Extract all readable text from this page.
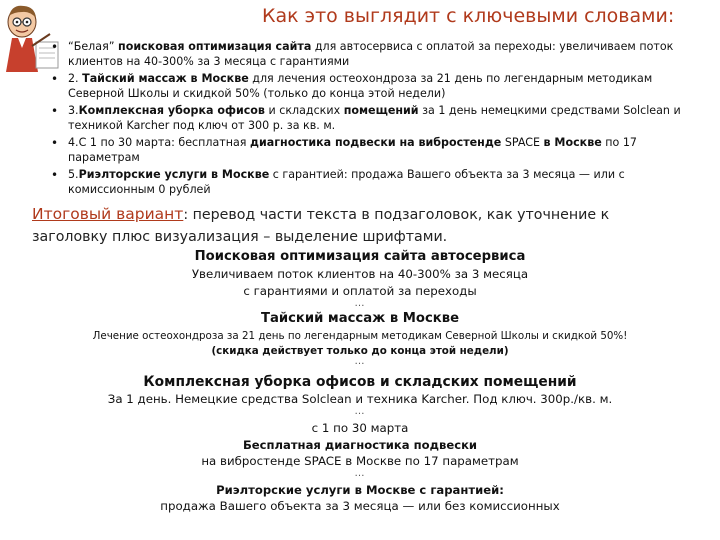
Как это выглядит с ключевыми словами:
• “Белая” поисковая оптимизация сайта для автосервиса с оплатой за переходы: увеличиваем поток клиентов на 40-300% за 3 месяца с гарантиями
• 2. Тайский массаж в Москве для лечения остеохондроза за 21 день по легендарным методикам Северной Школы и скидкой 50% (только до конца этой недели)
• 3.Комплексная уборка офисов и складских помещений за 1 день немецкими средствами Solclean и техникой Karcher под ключ от 300 р. за кв. м.
• 4.С 1 по 30 марта: бесплатная диагностика подвески на вибростенде SPACE в Москве по 17 параметрам
• 5.Риэлторские услуги в Москве с гарантией: продажа Вашего объекта за 3 месяца — или с комиссионным 0 рублей
Итоговый вариант: перевод части текста в подзаголовок, как уточнение к заголовку плюс визуализация – выделение шрифтами.
Поисковая оптимизация сайта автосервиса
Увеличиваем поток клиентов на 40-300% за 3 месяца
с гарантиями и оплатой за переходы
…
Тайский массаж в Москве
Лечение остеохондроза за 21 день по легендарным методикам Северной Школы и скидкой 50%!
(скидка действует только до конца этой недели)
…
Комплексная уборка офисов и складских помещений
За 1 день. Немецкие средства Solclean и техника Karcher. Под ключ. 300р./кв. м.
…
с 1 по 30 марта
Бесплатная диагностика подвески
на вибростенде SPACE в Москве по 17 параметрам
…
Риэлторские услуги в Москве с гарантией:
продажа Вашего объекта за 3 месяца — или без комиссионных
